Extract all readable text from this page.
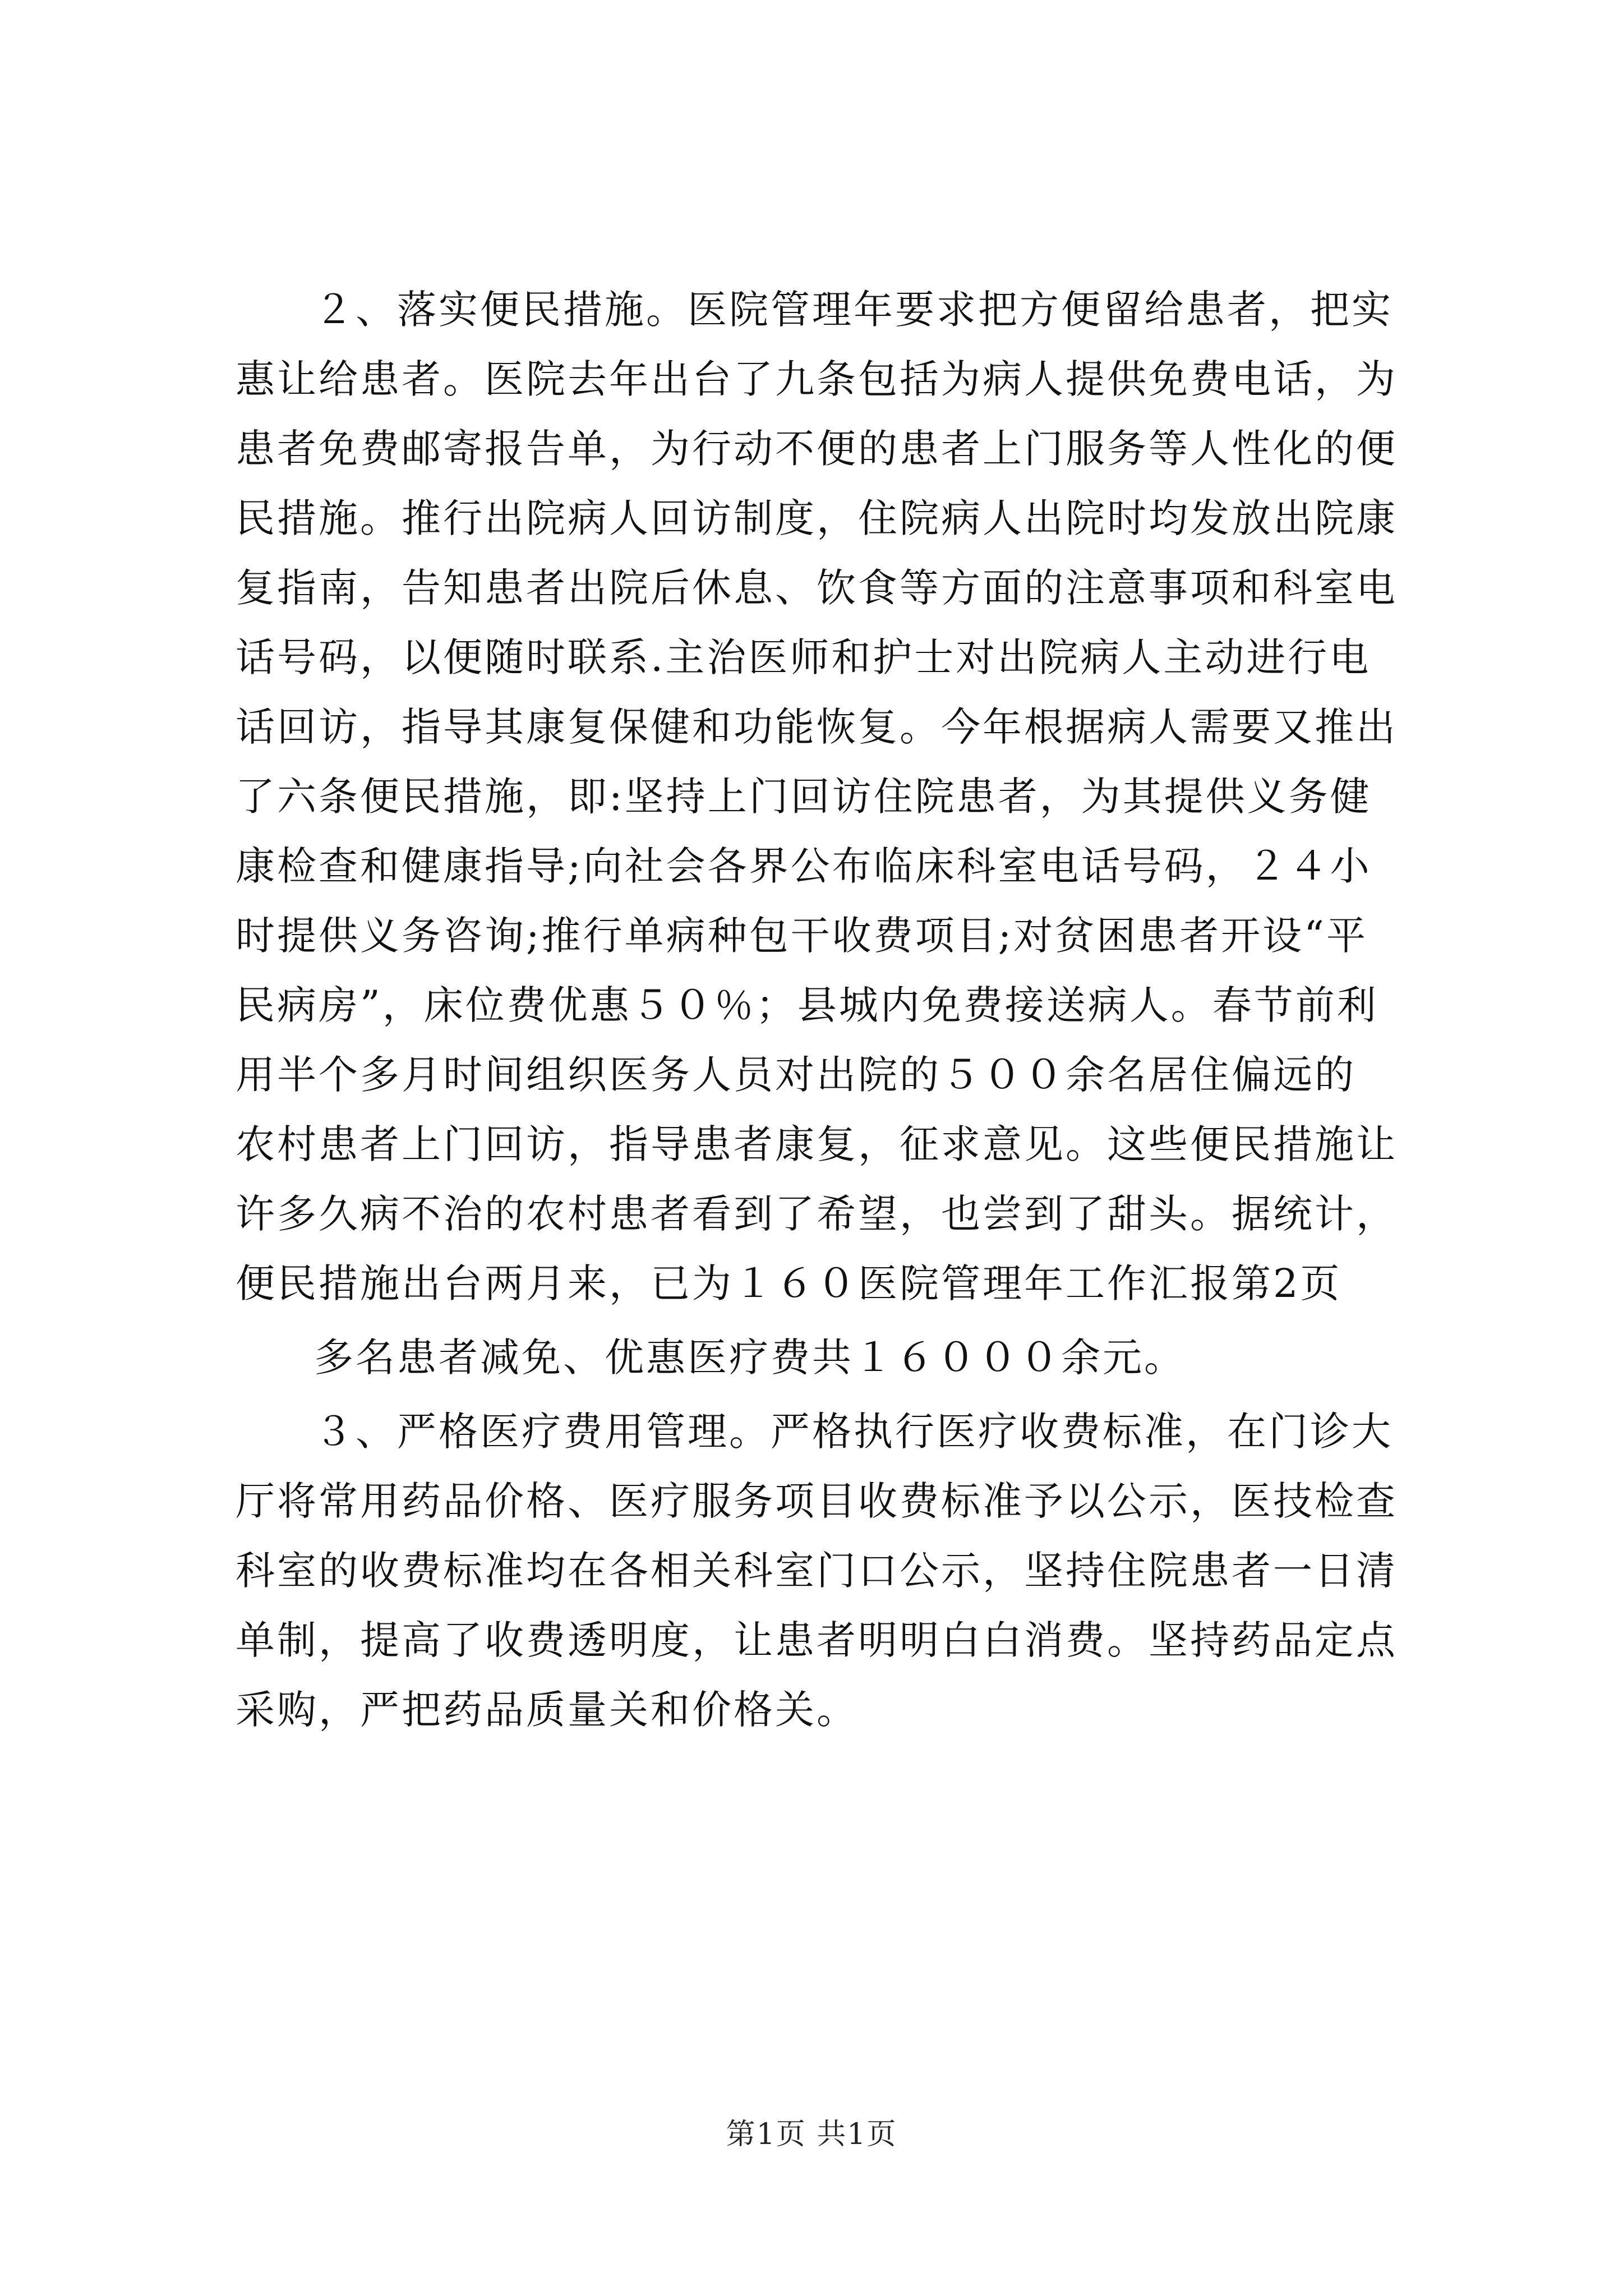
２、落实便民措施。医院管理年要求把方便留给患者，把实
惠让给患者。医院去年出台了九条包括为病人提供免费电话，为
患者免费邮寄报告单，为行动不便的患者上门服务等人性化的便
民措施。推行出院病人回访制度，住院病人出院时均发放出院康
复指南，告知患者出院后休息、饮食等方面的注意事项和科室电
话号码，以便随时联系.主治医师和护士对出院病人主动进行电
话回访，指导其康复保健和功能恢复。今年根据病人需要又推出
了六条便民措施，即:坚持上门回访住院患者，为其提供义务健
康检查和健康指导;向社会各界公布临床科室电话号码，２４小
时提供义务咨询;推行单病种包干收费项目;对贫困患者开设“平
民病房”，床位费优惠５０％；县城内免费接送病人。春节前利
用半个多月时间组织医务人员对出院的５００余名居住偏远的
农村患者上门回访，指导患者康复，征求意见。这些便民措施让
许多久病不治的农村患者看到了希望，也尝到了甜头。据统计，
便民措施出台两月来，已为１６０医院管理年工作汇报第2页
多名患者减免、优惠医疗费共１６０００余元。
３、严格医疗费用管理。严格执行医疗收费标准，在门诊大
厅将常用药品价格、医疗服务项目收费标准予以公示，医技检查
科室的收费标准均在各相关科室门口公示，坚持住院患者一日清
单制，提高了收费透明度，让患者明明白白消费。坚持药品定点
采购，严把药品质量关和价格关。
第1页 共1页
